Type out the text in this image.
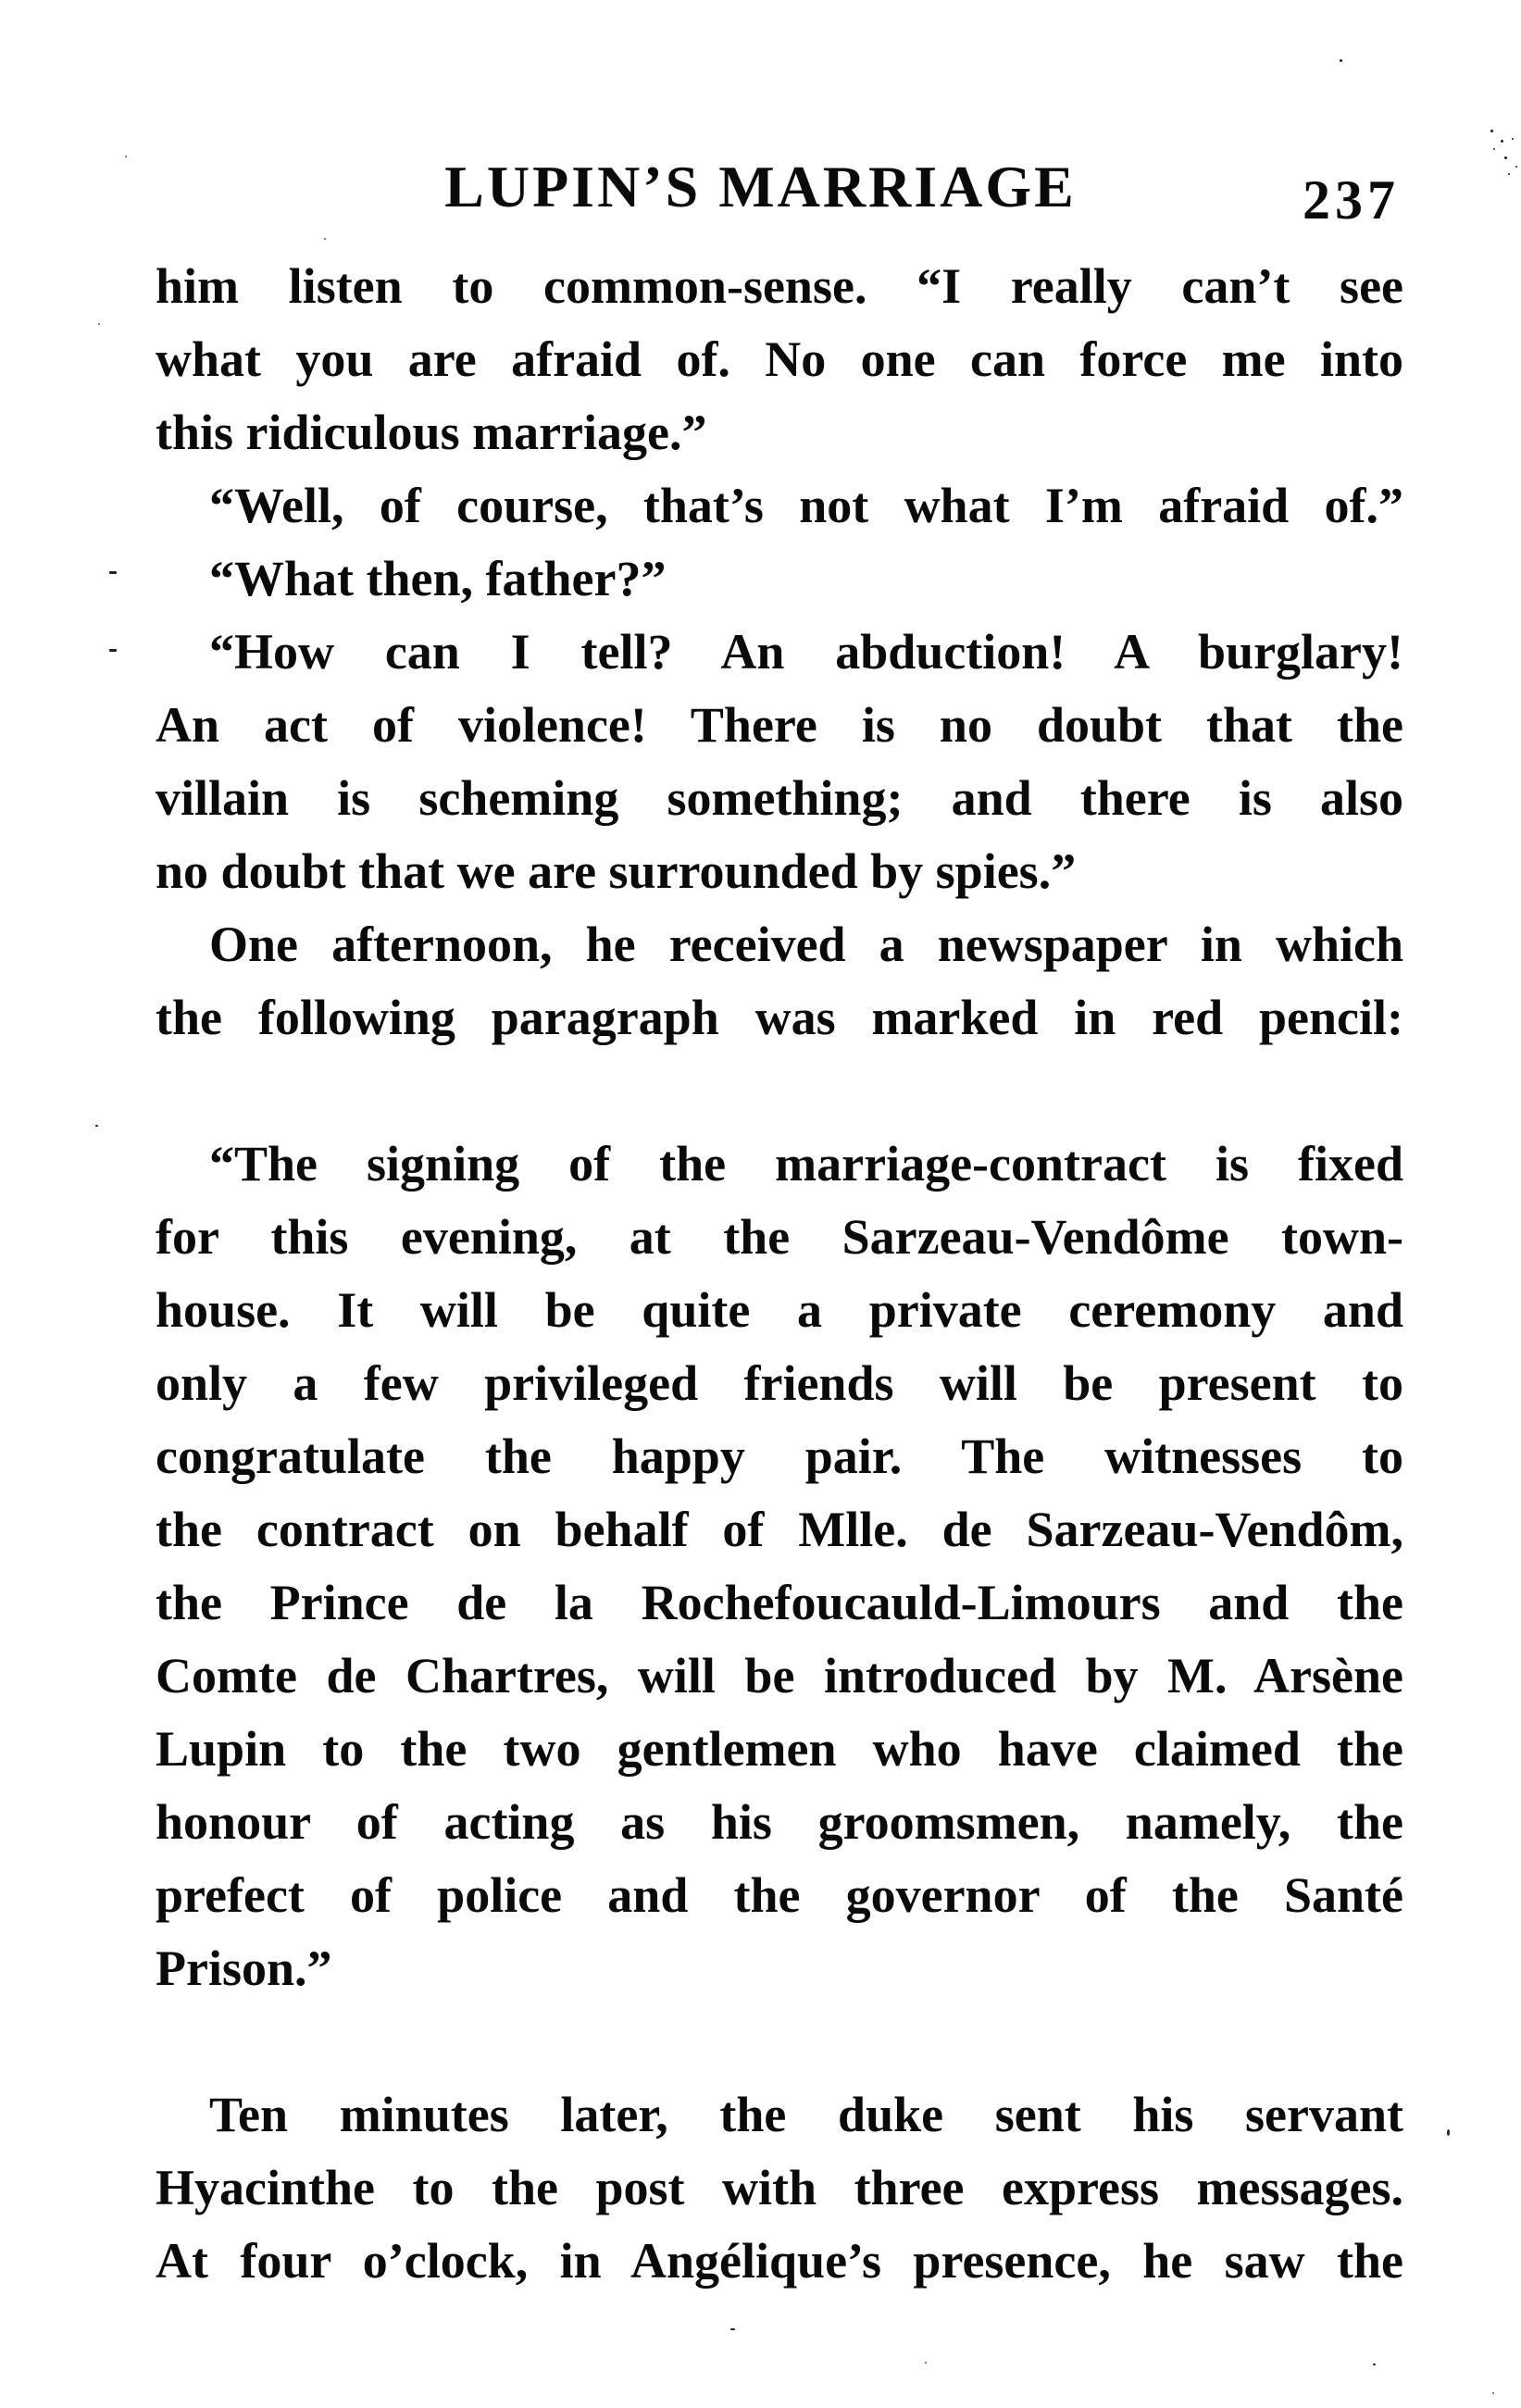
LUPIN’S MARRIAGE	237
him listen to common-sense. “I really can’t see
what you are afraid of. No one can force me into
this ridiculous marriage.”
“Well, of course, that’s not what I’m afraid of.”
“What then, father?”
“How can I tell? An abduction! A burglary!
An act of violence! There is no doubt that the
villain is scheming something; and there is also
no doubt that we are surrounded by spies.”
One afternoon, he received a newspaper in which
the following paragraph was marked in red pencil:
“The signing of the marriage-contract is fixed
for this evening, at the Sarzeau-Vendôme town-
house. It will be quite a private ceremony and
only a few privileged friends will be present to
congratulate the happy pair. The witnesses to
the contract on behalf of Mlle. de Sarzeau-Vendôm,
the Prince de la Rochefoucauld-Limours and the
Comte de Chartres, will be introduced by M. Arsène
Lupin to the two gentlemen who have claimed the
honour of acting as his groomsmen, namely, the
prefect of police and the governor of the Santé
Prison.”
Ten minutes later, the duke sent his servant
Hyacinthe to the post with three express messages.
At four o’clock, in Angélique’s presence, he saw the
